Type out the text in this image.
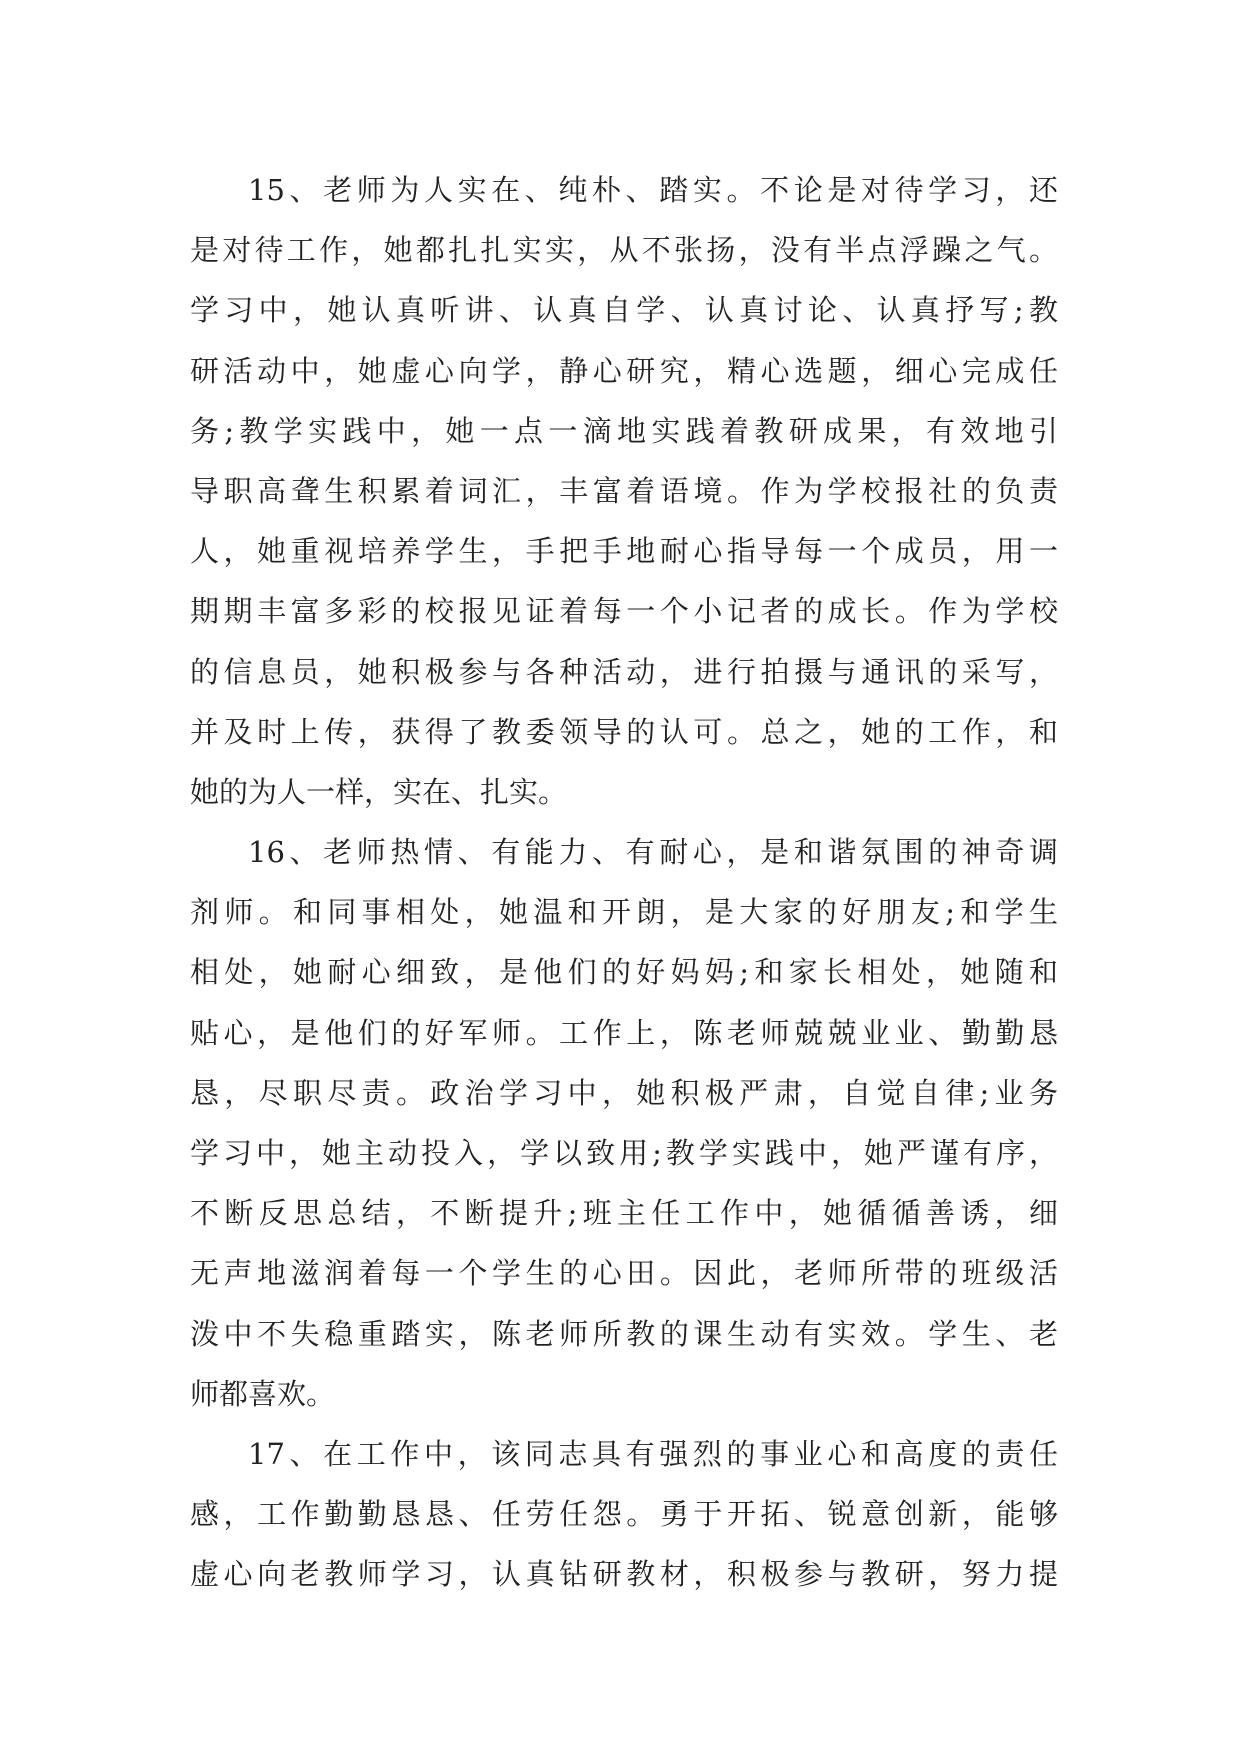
15、老师为人实在、纯朴、踏实。不论是对待学习，还
是对待工作，她都扎扎实实，从不张扬，没有半点浮躁之气。
学习中，她认真听讲、认真自学、认真讨论、认真抒写;教
研活动中，她虚心向学，静心研究，精心选题，细心完成任
务;教学实践中，她一点一滴地实践着教研成果，有效地引
导职高聋生积累着词汇，丰富着语境。作为学校报社的负责
人，她重视培养学生，手把手地耐心指导每一个成员，用一
期期丰富多彩的校报见证着每一个小记者的成长。作为学校
的信息员，她积极参与各种活动，进行拍摄与通讯的采写，
并及时上传，获得了教委领导的认可。总之，她的工作，和
她的为人一样，实在、扎实。
16、老师热情、有能力、有耐心，是和谐氛围的神奇调
剂师。和同事相处，她温和开朗，是大家的好朋友;和学生
相处，她耐心细致，是他们的好妈妈;和家长相处，她随和
贴心，是他们的好军师。工作上，陈老师兢兢业业、勤勤恳
恳，尽职尽责。政治学习中，她积极严肃，自觉自律;业务
学习中，她主动投入，学以致用;教学实践中，她严谨有序，
不断反思总结，不断提升;班主任工作中，她循循善诱，细
无声地滋润着每一个学生的心田。因此，老师所带的班级活
泼中不失稳重踏实，陈老师所教的课生动有实效。学生、老
师都喜欢。
17、在工作中，该同志具有强烈的事业心和高度的责任
感，工作勤勤恳恳、任劳任怨。勇于开拓、锐意创新，能够
虚心向老教师学习，认真钻研教材，积极参与教研，努力提
